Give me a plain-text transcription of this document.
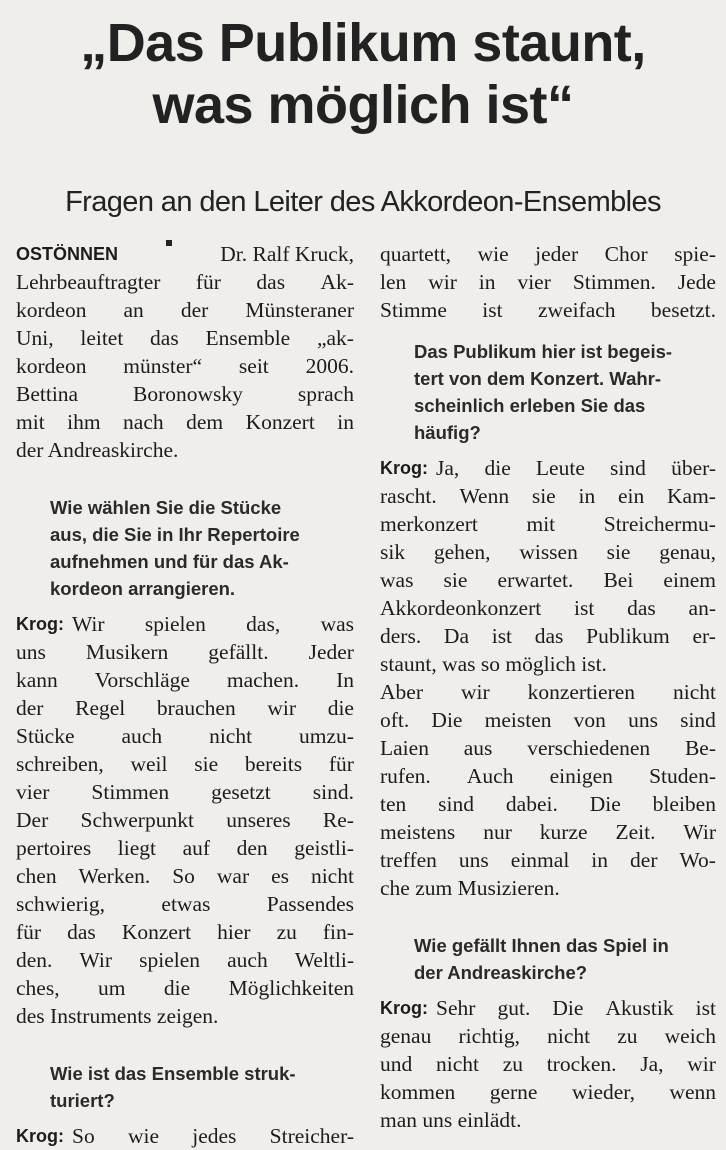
„Das Publikum staunt,
was möglich ist“
Fragen an den Leiter des Akkordeon-Ensembles
OSTÖNNEN	Dr. Ralf Kruck,
Lehrbeauftragter für das Ak-
kordeon an der Münsteraner
Uni, leitet das Ensemble „ak-
kordeon münster“ seit 2006.
Bettina	Boronowsky	sprach
mit ihm nach dem Konzert in
der Andreaskirche.
Wie wählen Sie die Stücke
aus, die Sie in Ihr Repertoire
aufnehmen und für das Ak-
kordeon arrangieren.
Krog: Wir spielen das, was
uns Musikern gefällt. Jeder
kann Vorschläge machen. In
der Regel brauchen wir die
Stücke auch nicht umzu-
schreiben, weil sie bereits für
vier Stimmen gesetzt sind.
Der Schwerpunkt unseres Re-
pertoires liegt auf den geistli-
chen Werken. So war es nicht
schwierig,	etwas	Passendes
für das Konzert hier zu fin-
den. Wir spielen auch Weltli-
ches, um die Möglichkeiten
des Instruments zeigen.
Wie ist das Ensemble struk-
turiert?
Krog: So wie jedes Streicher-
quartett, wie jeder Chor spie-
len wir in vier Stimmen. Jede
Stimme ist zweifach besetzt.
Das Publikum hier ist begeis-
tert von dem Konzert. Wahr-
scheinlich erleben Sie das
häufig?
Krog: Ja, die Leute sind über-
rascht. Wenn sie in ein Kam-
merkonzert mit Streichermu-
sik gehen, wissen sie genau,
was sie erwartet. Bei einem
Akkordeonkonzert ist das an-
ders. Da ist das Publikum er-
staunt, was so möglich ist.
Aber wir konzertieren nicht
oft. Die meisten von uns sind
Laien aus verschiedenen Be-
rufen. Auch einigen Studen-
ten sind dabei. Die bleiben
meistens nur kurze Zeit. Wir
treffen uns einmal in der Wo-
che zum Musizieren.
Wie gefällt Ihnen das Spiel in
der Andreaskirche?
Krog: Sehr gut. Die Akustik ist
genau richtig, nicht zu weich
und nicht zu trocken. Ja, wir
kommen gerne wieder, wenn
man uns einlädt.
